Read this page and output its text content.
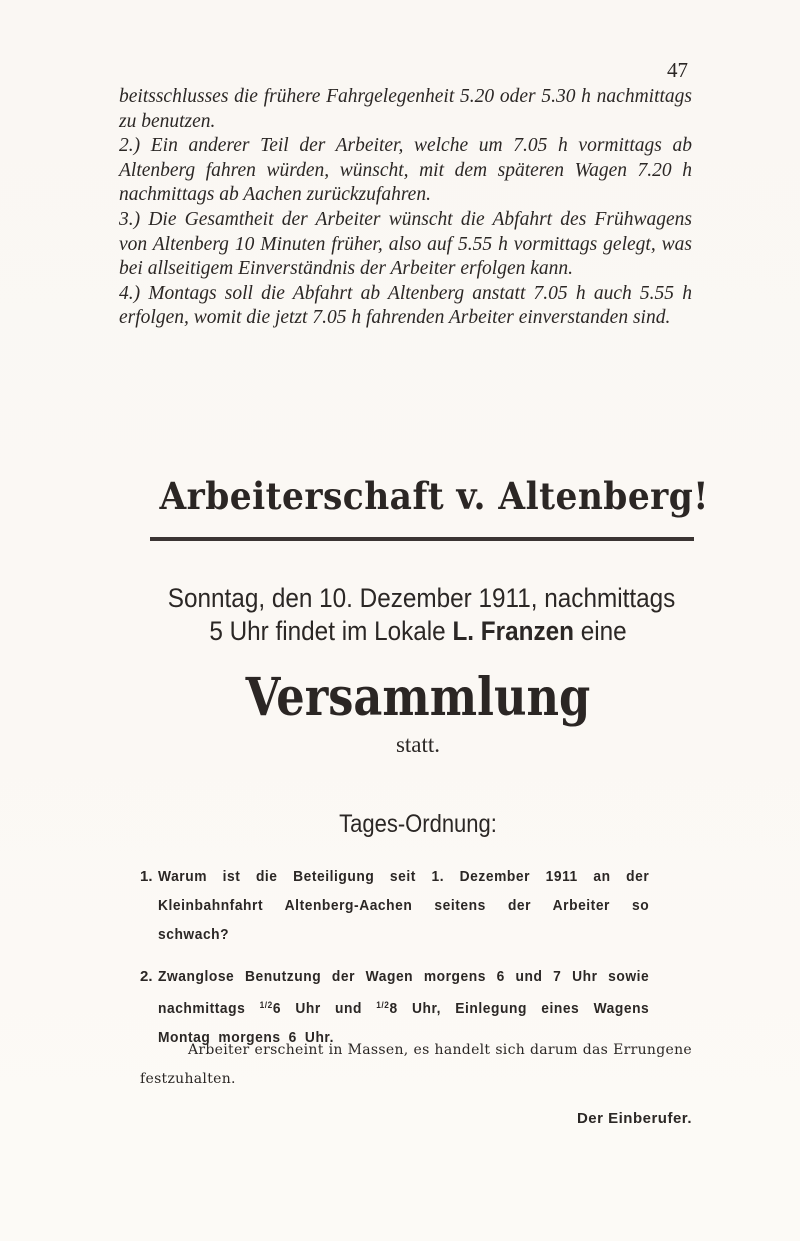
47

beitsschlusses die frühere Fahrgelegenheit 5.20 oder 5.30 h nachmittags zu benutzen.

2.) Ein anderer Teil der Arbeiter, welche um 7.05 h vormittags ab Altenberg fahren würden, wünscht, mit dem späteren Wagen 7.20 h nachmittags ab Aachen zurückzufahren.

3.) Die Gesamtheit der Arbeiter wünscht die Abfahrt des Frühwagens von Altenberg 10 Minuten früher, also auf 5.55 h vormittags gelegt, was bei allseitigem Einverständnis der Arbeiter erfolgen kann.

4.) Montags soll die Abfahrt ab Altenberg anstatt 7.05 h auch 5.55 h erfolgen, womit die jetzt 7.05 h fahrenden Arbeiter einverstanden sind.

Arbeiterschaft v. Altenberg!
Sonntag, den 10. Dezember 1911, nachmittags
5 Uhr findet im Lokale L. Franzen eine
Versammlung
statt.
Tages-Ordnung:
1. Warum ist die Beteiligung seit 1. Dezember 1911 an der Kleinbahnfahrt Altenberg-Aachen seitens der Arbeiter so schwach?
2. Zwanglose Benutzung der Wagen morgens 6 und 7 Uhr sowie nachmittags $^{1/2}$6 Uhr und $^{1/2}$8 Uhr, Einlegung eines Wagens Montag morgens 6 Uhr.

Arbeiter erscheint in Massen, es handelt sich darum das Errungene festzuhalten.

Der Einberufer.
